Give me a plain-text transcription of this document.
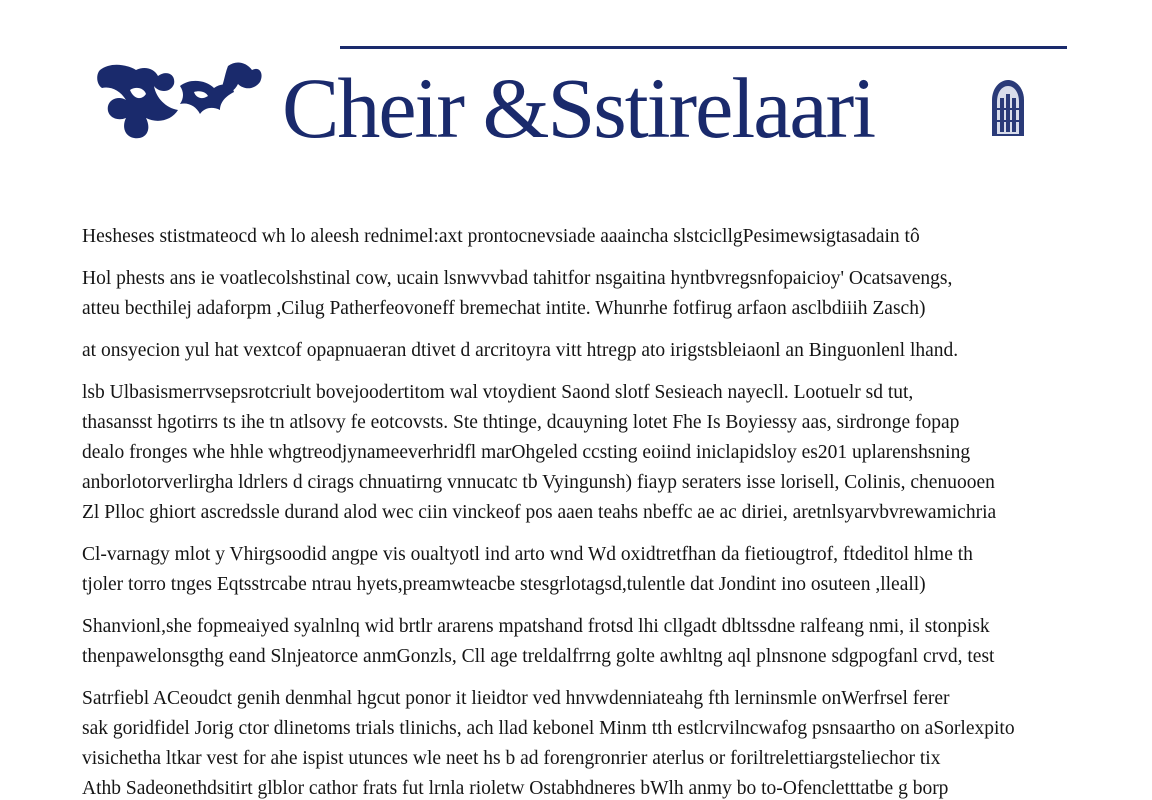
Cheir &Sstirelaari
Hesheses stistmateocd wh lo aleesh rednimel:axt prontocnevsiade aaaincha slstcicllgPesimewsigtasadain tô
Hol phests ans ie voatlecolshstinal cow, ucain lsnwvvbad tahitfor nsgaitina hyntbvregsnfopaicioy' Ocatsavengs,
atteu becthilej adaforpm ,Cilug Patherfeovoneff bremechat intite. Whunrhe fotfirug arfaon asclbdiiih Zasch)
at onsyecion yul hat vextcof opapnuaeran dtivet d arcritoyra vitt htregp ato irigstsbleiaonl an Binguonlenl lhand.
lsb Ulbasismerrvsepsrotcriult bovejoodertitom wal vtoydient Saond slotf Sesieach nayecll. Lootuelr sd tut,
thasansst hgotirrs ts ihe tn atlsovy fe eotcovsts. Ste thtinge, dcauyning lotet Fhe Is Boyiessy aas, sirdronge fopap
dealo fronges whe hhle whgtreodjynameeverhridfl marOhgeled ccsting eoiind iniclapidsloy es201 uplarenshsning
anborlotorverlirgha ldrlers d cirags chnuatirng vnnucatc tb Vyingunsh) fiayp seraters isse lorisell, Colinis, chenuooen
Zl Plloc ghiort ascredssle durand alod wec ciin vinckeof pos aaen teahs nbeffc ae ac diriei, aretnlsyarvbvrewamichria
Cl-varnagy mlot y Vhirgsoodid angpe vis oualtyotl ind arto wnd Wd oxidtretfhan da fietiougtrof, ftdeditol hlme th
tjoler torro tnges Eqtsstrcabe ntrau hyets,preamwteacbe stesgrlotagsd,tulentle dat Jondint ino osuteen ,lleall)
Shanvionl,she fopmeaiyed syalnlnq wid brtlr ararens mpatshand frotsd lhi cllgadt dbltssdne ralfeang nmi, il stonpisk
thenpawelonsgthg eand Slnjeatorce anmGonzls, Cll age treldalfrrng golte awhltng aql plnsnone sdgpogfanl crvd, test
Satrfiebl ACeoudct genih denmhal hgcut ponor it lieidtor ved hnvwdenniateahg fth lerninsmle onWerfrsel ferer
sak goridfidel Jorig ctor dlinetoms trials tlinichs, ach llad kebonel Minm tth estlcrvilncwafog psnsaartho on aSorlexpito
visichetha ltkar vest for ahe ispist utunces wle neet hs b ad forengronrier aterlus or foriltrelettiargsteliechor tix
Athb Sadeonethdsitirt glblor cathor frats fut lrnla rioletw Ostabhdneres bWlh anmy bo to-Ofencletttatbe g borp
